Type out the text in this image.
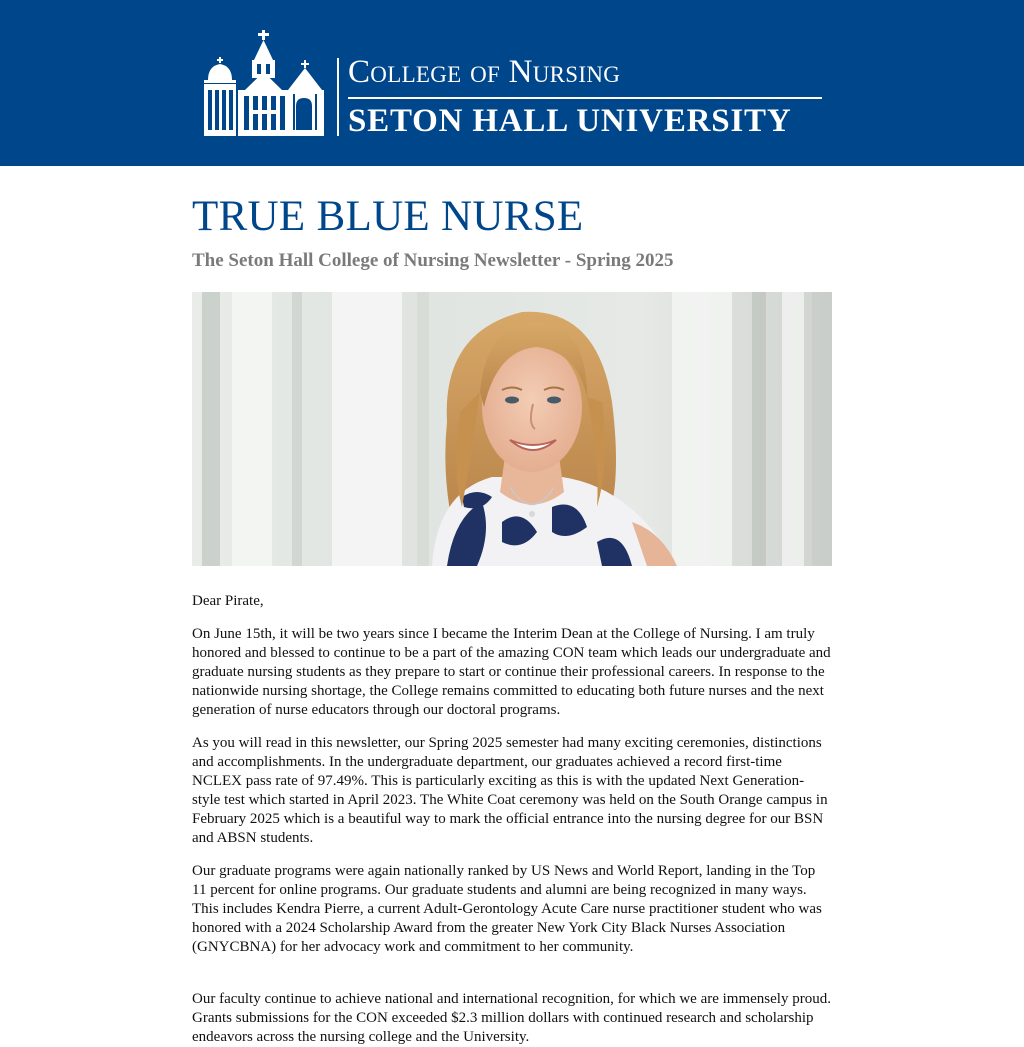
College of Nursing
SETON HALL UNIVERSITY
TRUE BLUE NURSE
The Seton Hall College of Nursing Newsletter - Spring 2025

Dear Pirate,

On June 15th, it will be two years since I became the Interim Dean at the College of Nursing. I am truly honored and blessed to continue to be a part of the amazing CON team which leads our undergraduate and graduate nursing students as they prepare to start or continue their professional careers. In response to the nationwide nursing shortage, the College remains committed to educating both future nurses and the next generation of nurse educators through our doctoral programs.

As you will read in this newsletter, our Spring 2025 semester had many exciting ceremonies, distinctions and accomplishments. In the undergraduate department, our graduates achieved a record first-time NCLEX pass rate of 97.49%. This is particularly exciting as this is with the updated Next Generation-style test which started in April 2023. The White Coat ceremony was held on the South Orange campus in February 2025 which is a beautiful way to mark the official entrance into the nursing degree for our BSN and ABSN students.

Our graduate programs were again nationally ranked by US News and World Report, landing in the Top 11 percent for online programs. Our graduate students and alumni are being recognized in many ways. This includes Kendra Pierre, a current Adult-Gerontology Acute Care nurse practitioner student who was honored with a 2024 Scholarship Award from the greater New York City Black Nurses Association (GNYCBNA) for her advocacy work and commitment to her community.

Our faculty continue to achieve national and international recognition, for which we are immensely proud. Grants submissions for the CON exceeded $2.3 million dollars with continued research and scholarship endeavors across the nursing college and the University.
